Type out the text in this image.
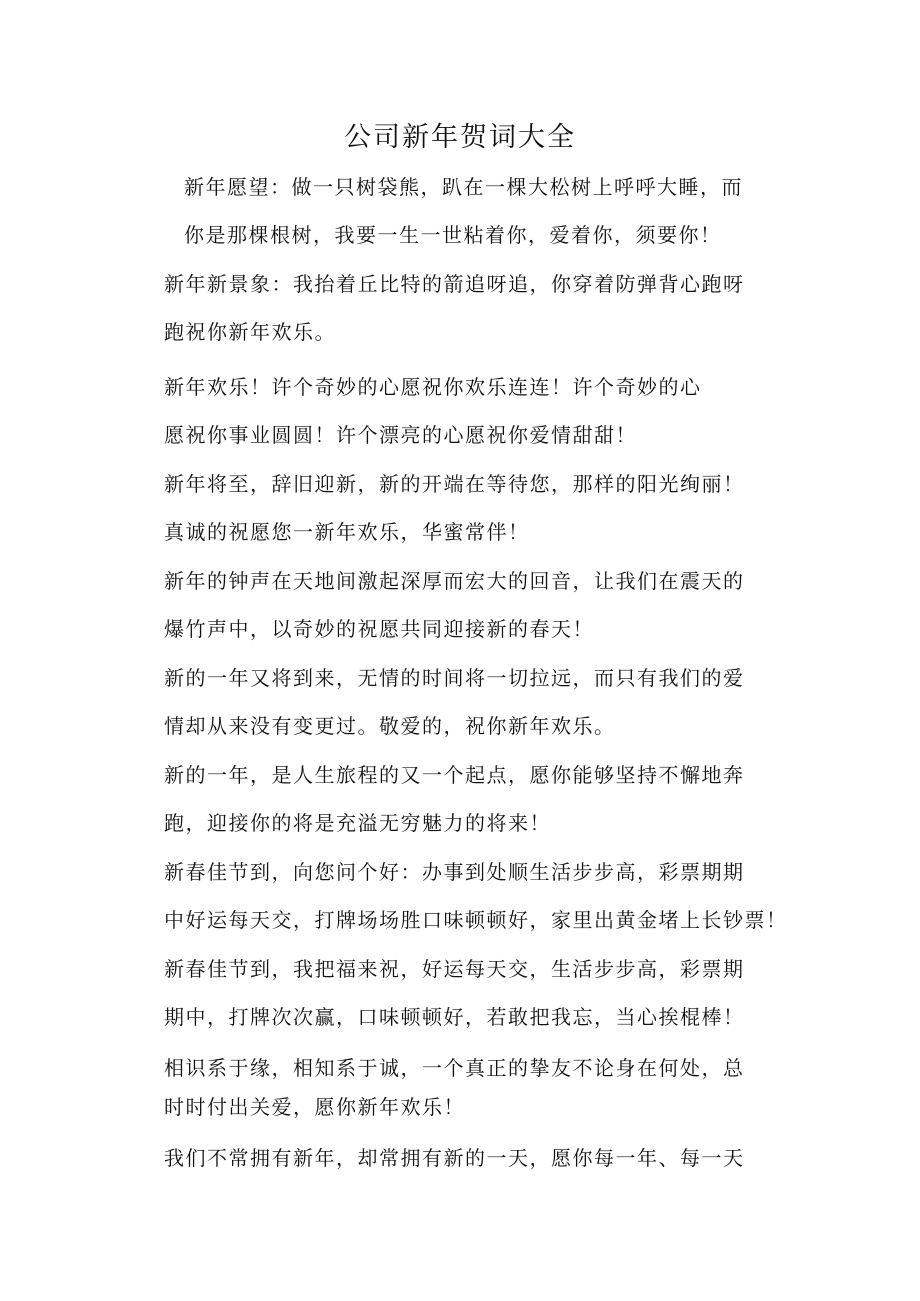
公司新年贺词大全

新年愿望：做一只树袋熊，趴在一棵大松树上呼呼大睡，而
你是那棵根树，我要一生一世粘着你，爱着你，须要你！

新年新景象：我抬着丘比特的箭追呀追，你穿着防弹背心跑呀
跑祝你新年欢乐。

新年欢乐！许个奇妙的心愿祝你欢乐连连！许个奇妙的心
愿祝你事业圆圆！许个漂亮的心愿祝你爱情甜甜！

新年将至，辞旧迎新，新的开端在等待您，那样的阳光绚丽！
真诚的祝愿您一新年欢乐，华蜜常伴！

新年的钟声在天地间激起深厚而宏大的回音，让我们在震天的
爆竹声中，以奇妙的祝愿共同迎接新的春天！

新的一年又将到来，无情的时间将一切拉远，而只有我们的爱
情却从来没有变更过。敬爱的，祝你新年欢乐。

新的一年，是人生旅程的又一个起点，愿你能够坚持不懈地奔
跑，迎接你的将是充溢无穷魅力的将来！

新春佳节到，向您问个好：办事到处顺生活步步高，彩票期期
中好运每天交，打牌场场胜口味顿顿好，家里出黄金堵上长钞票！

新春佳节到，我把福来祝，好运每天交，生活步步高，彩票期
期中，打牌次次赢，口味顿顿好，若敢把我忘，当心挨棍棒！

相识系于缘，相知系于诚，一个真正的挚友不论身在何处，总
时时付出关爱，愿你新年欢乐！

我们不常拥有新年，却常拥有新的一天，愿你每一年、每一天
